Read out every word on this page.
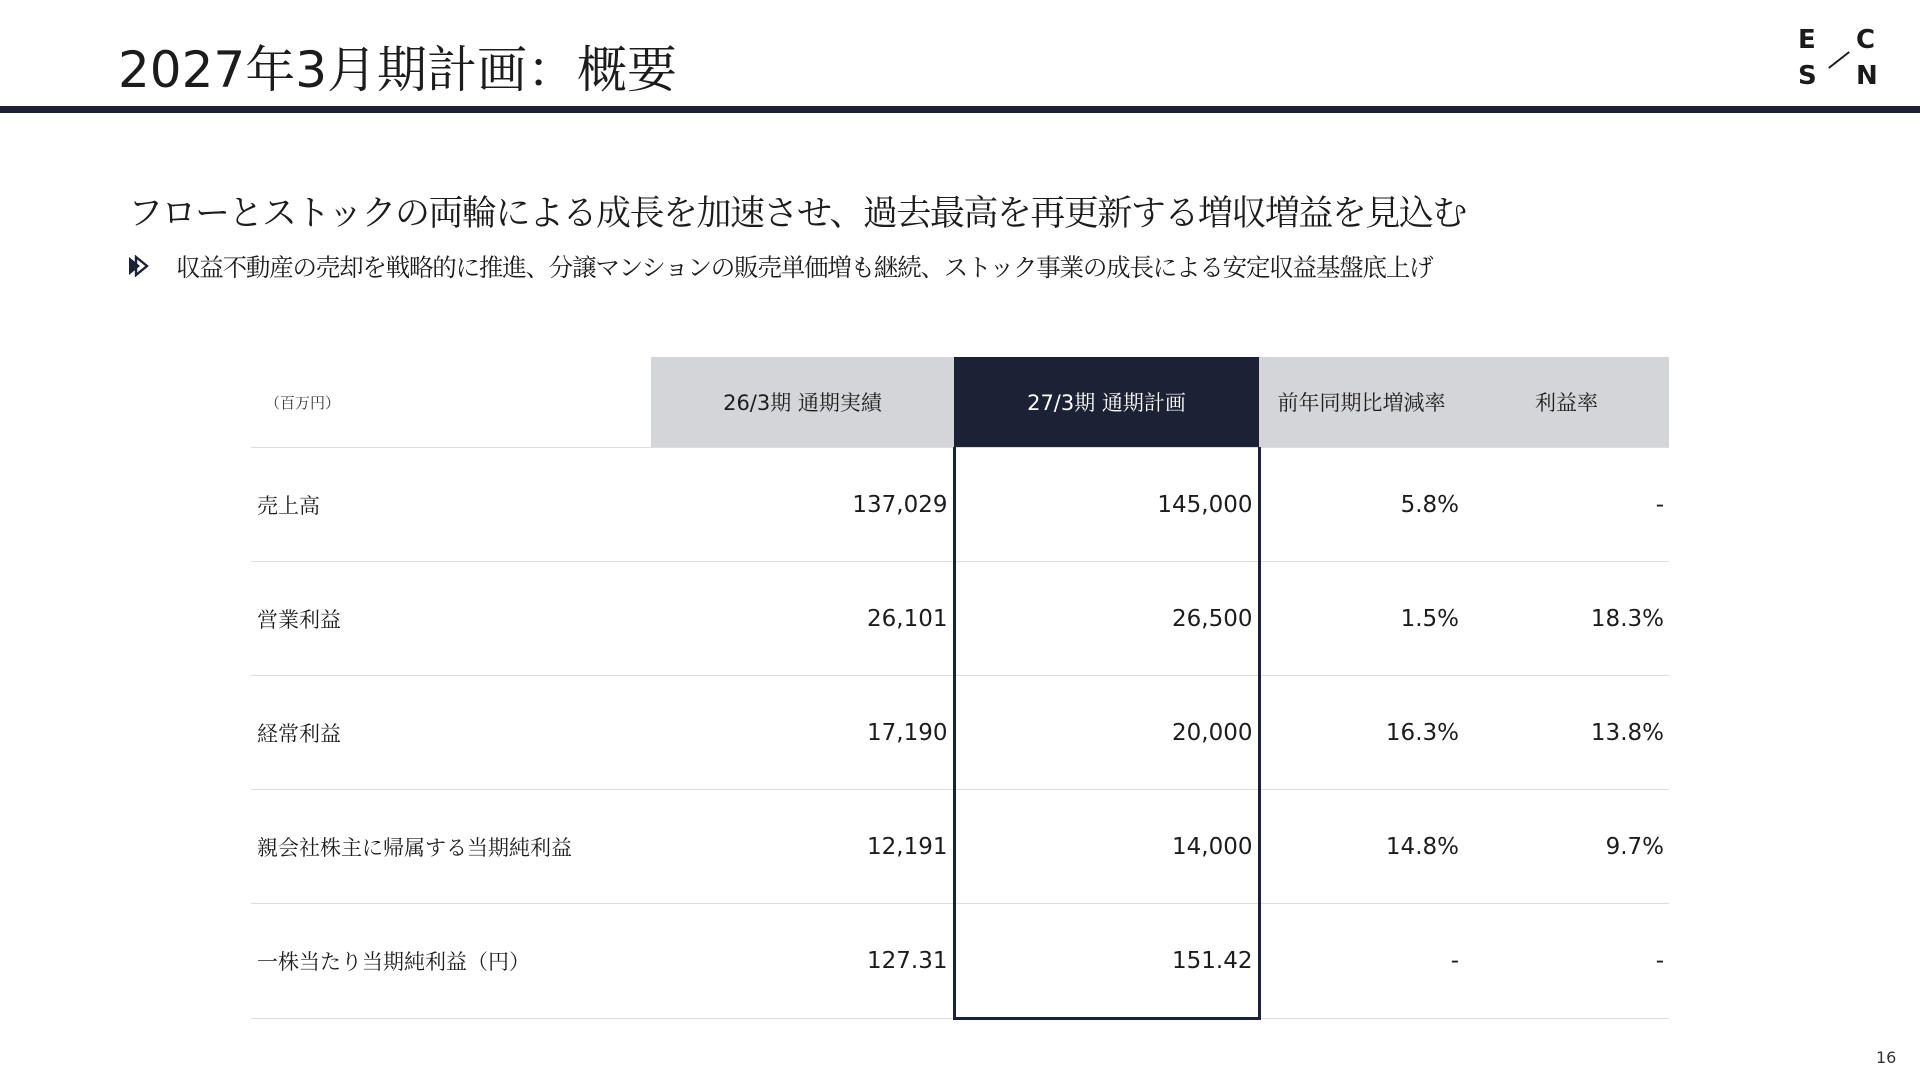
2027年3月期計画：概要
E C
S N
フローとストックの両輪による成長を加速させ、過去最高を再更新する増収増益を見込む
収益不動産の売却を戦略的に推進、分譲マンションの販売単価増も継続、ストック事業の成長による安定収益基盤底上げ
（百万円）	26/3期 通期実績	27/3期 通期計画	前年同期比増減率	利益率
売上高	137,029	145,000	5.8%	-
営業利益	26,101	26,500	1.5%	18.3%
経常利益	17,190	20,000	16.3%	13.8%
親会社株主に帰属する当期純利益	12,191	14,000	14.8%	9.7%
一株当たり当期純利益（円）	127.31	151.42	-	-
16
